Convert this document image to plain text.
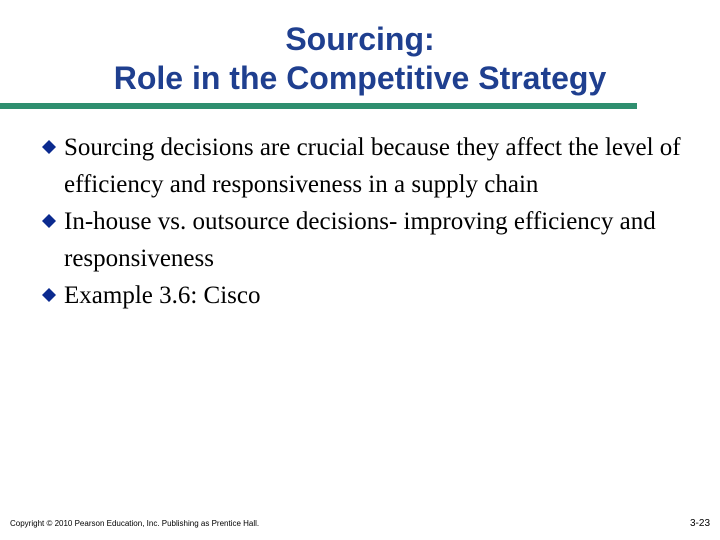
Sourcing:
Role in the Competitive Strategy
Sourcing decisions are crucial because they affect the level of efficiency and responsiveness in a supply chain
In-house vs. outsource decisions- improving efficiency and responsiveness
Example 3.6: Cisco
Copyright © 2010 Pearson Education, Inc. Publishing as Prentice Hall.	3-23
